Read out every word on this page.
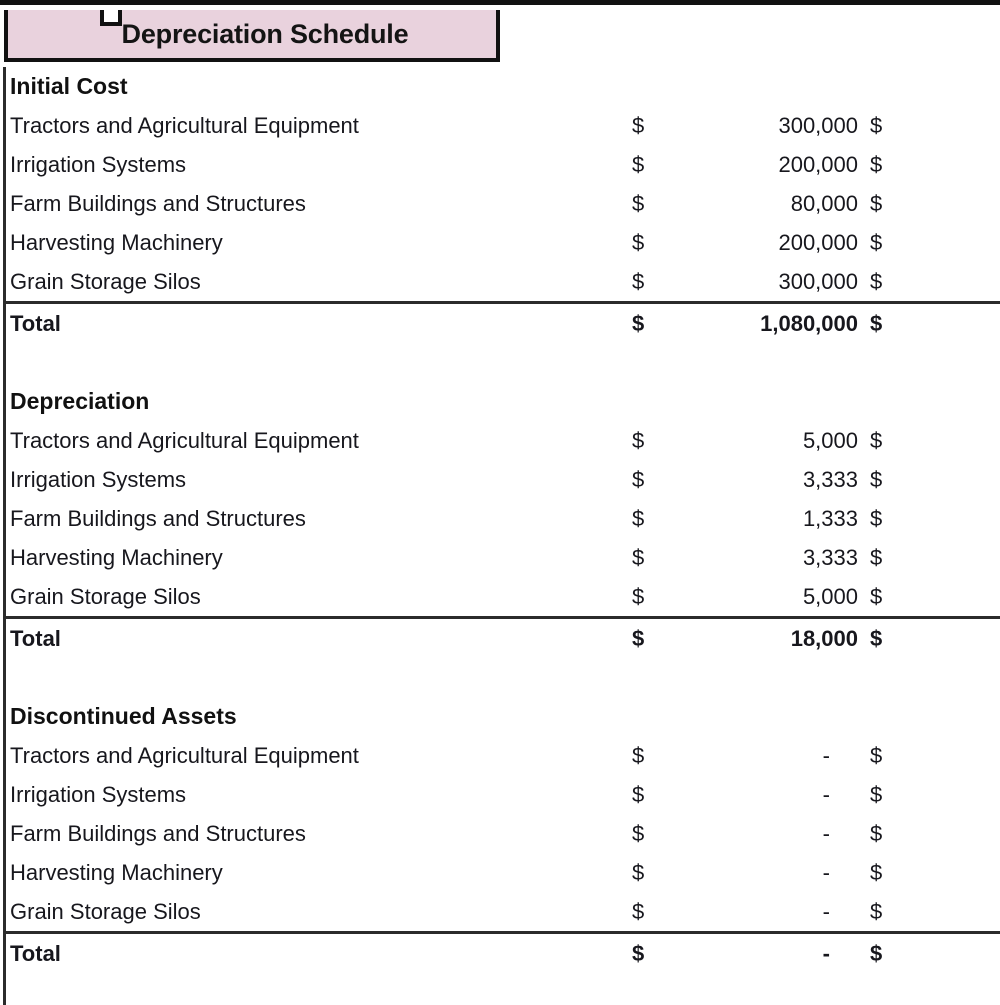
Depreciation Schedule
Initial Cost
Tractors and Agricultural Equipment	$	300,000 $
Irrigation Systems	$	200,000 $
Farm Buildings and Structures	$	80,000 $
Harvesting Machinery	$	200,000 $
Grain Storage Silos	$	300,000 $
Total	$	1,080,000 $
Depreciation
Tractors and Agricultural Equipment	$	5,000 $
Irrigation Systems	$	3,333 $
Farm Buildings and Structures	$	1,333 $
Harvesting Machinery	$	3,333 $
Grain Storage Silos	$	5,000 $
Total	$	18,000 $
Discontinued Assets
Tractors and Agricultural Equipment	$	-	$
Irrigation Systems	$	-	$
Farm Buildings and Structures	$	-	$
Harvesting Machinery	$	-	$
Grain Storage Silos	$	-	$
Total	$	-	$
